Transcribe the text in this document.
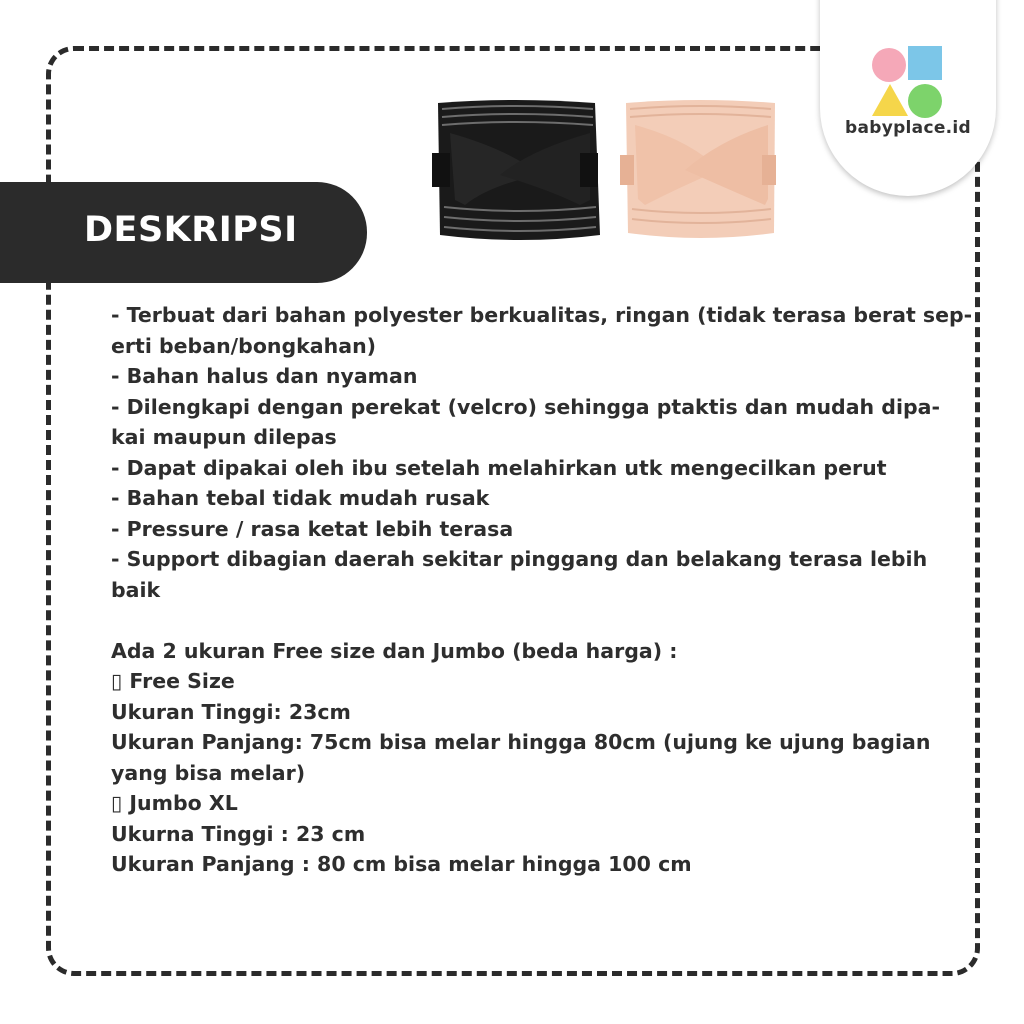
babyplace.id
DESKRIPSI
- Terbuat dari bahan polyester berkualitas, ringan (tidak terasa berat sep-
erti beban/bongkahan)
- Bahan halus dan nyaman
- Dilengkapi dengan perekat (velcro) sehingga ptaktis dan mudah dipa-
kai maupun dilepas
- Dapat dipakai oleh ibu setelah melahirkan utk mengecilkan perut
- Bahan tebal tidak mudah rusak
- Pressure / rasa ketat lebih terasa
- Support dibagian daerah sekitar pinggang dan belakang terasa lebih
baik
Ada 2 ukuran Free size dan Jumbo (beda harga) :
▯ Free Size
Ukuran Tinggi: 23cm
Ukuran Panjang: 75cm bisa melar hingga 80cm (ujung ke ujung bagian
yang bisa melar)
▯ Jumbo XL
Ukurna Tinggi : 23 cm
Ukuran Panjang : 80 cm bisa melar hingga 100 cm
